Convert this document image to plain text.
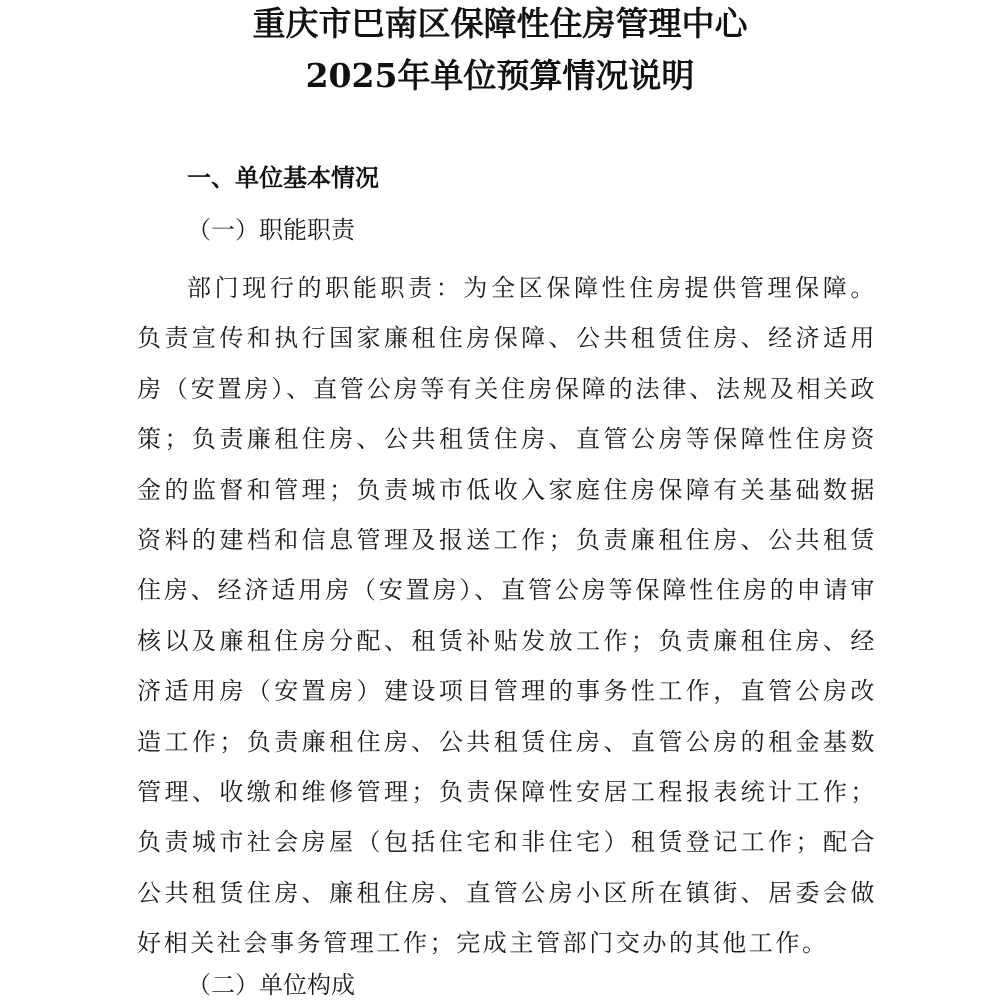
重庆市巴南区保障性住房管理中心
2025年单位预算情况说明
一、单位基本情况
（一）职能职责

部门现行的职能职责：为全区保障性住房提供管理保障。负责宣传和执行国家廉租住房保障、公共租赁住房、经济适用房（安置房）、直管公房等有关住房保障的法律、法规及相关政策；负责廉租住房、公共租赁住房、直管公房等保障性住房资金的监督和管理；负责城市低收入家庭住房保障有关基础数据资料的建档和信息管理及报送工作；负责廉租住房、公共租赁住房、经济适用房（安置房）、直管公房等保障性住房的申请审核以及廉租住房分配、租赁补贴发放工作；负责廉租住房、经济适用房（安置房）建设项目管理的事务性工作，直管公房改造工作；负责廉租住房、公共租赁住房、直管公房的租金基数管理、收缴和维修管理；负责保障性安居工程报表统计工作；负责城市社会房屋（包括住宅和非住宅）租赁登记工作；配合公共租赁住房、廉租住房、直管公房小区所在镇街、居委会做好相关社会事务管理工作；完成主管部门交办的其他工作。

（二）单位构成
